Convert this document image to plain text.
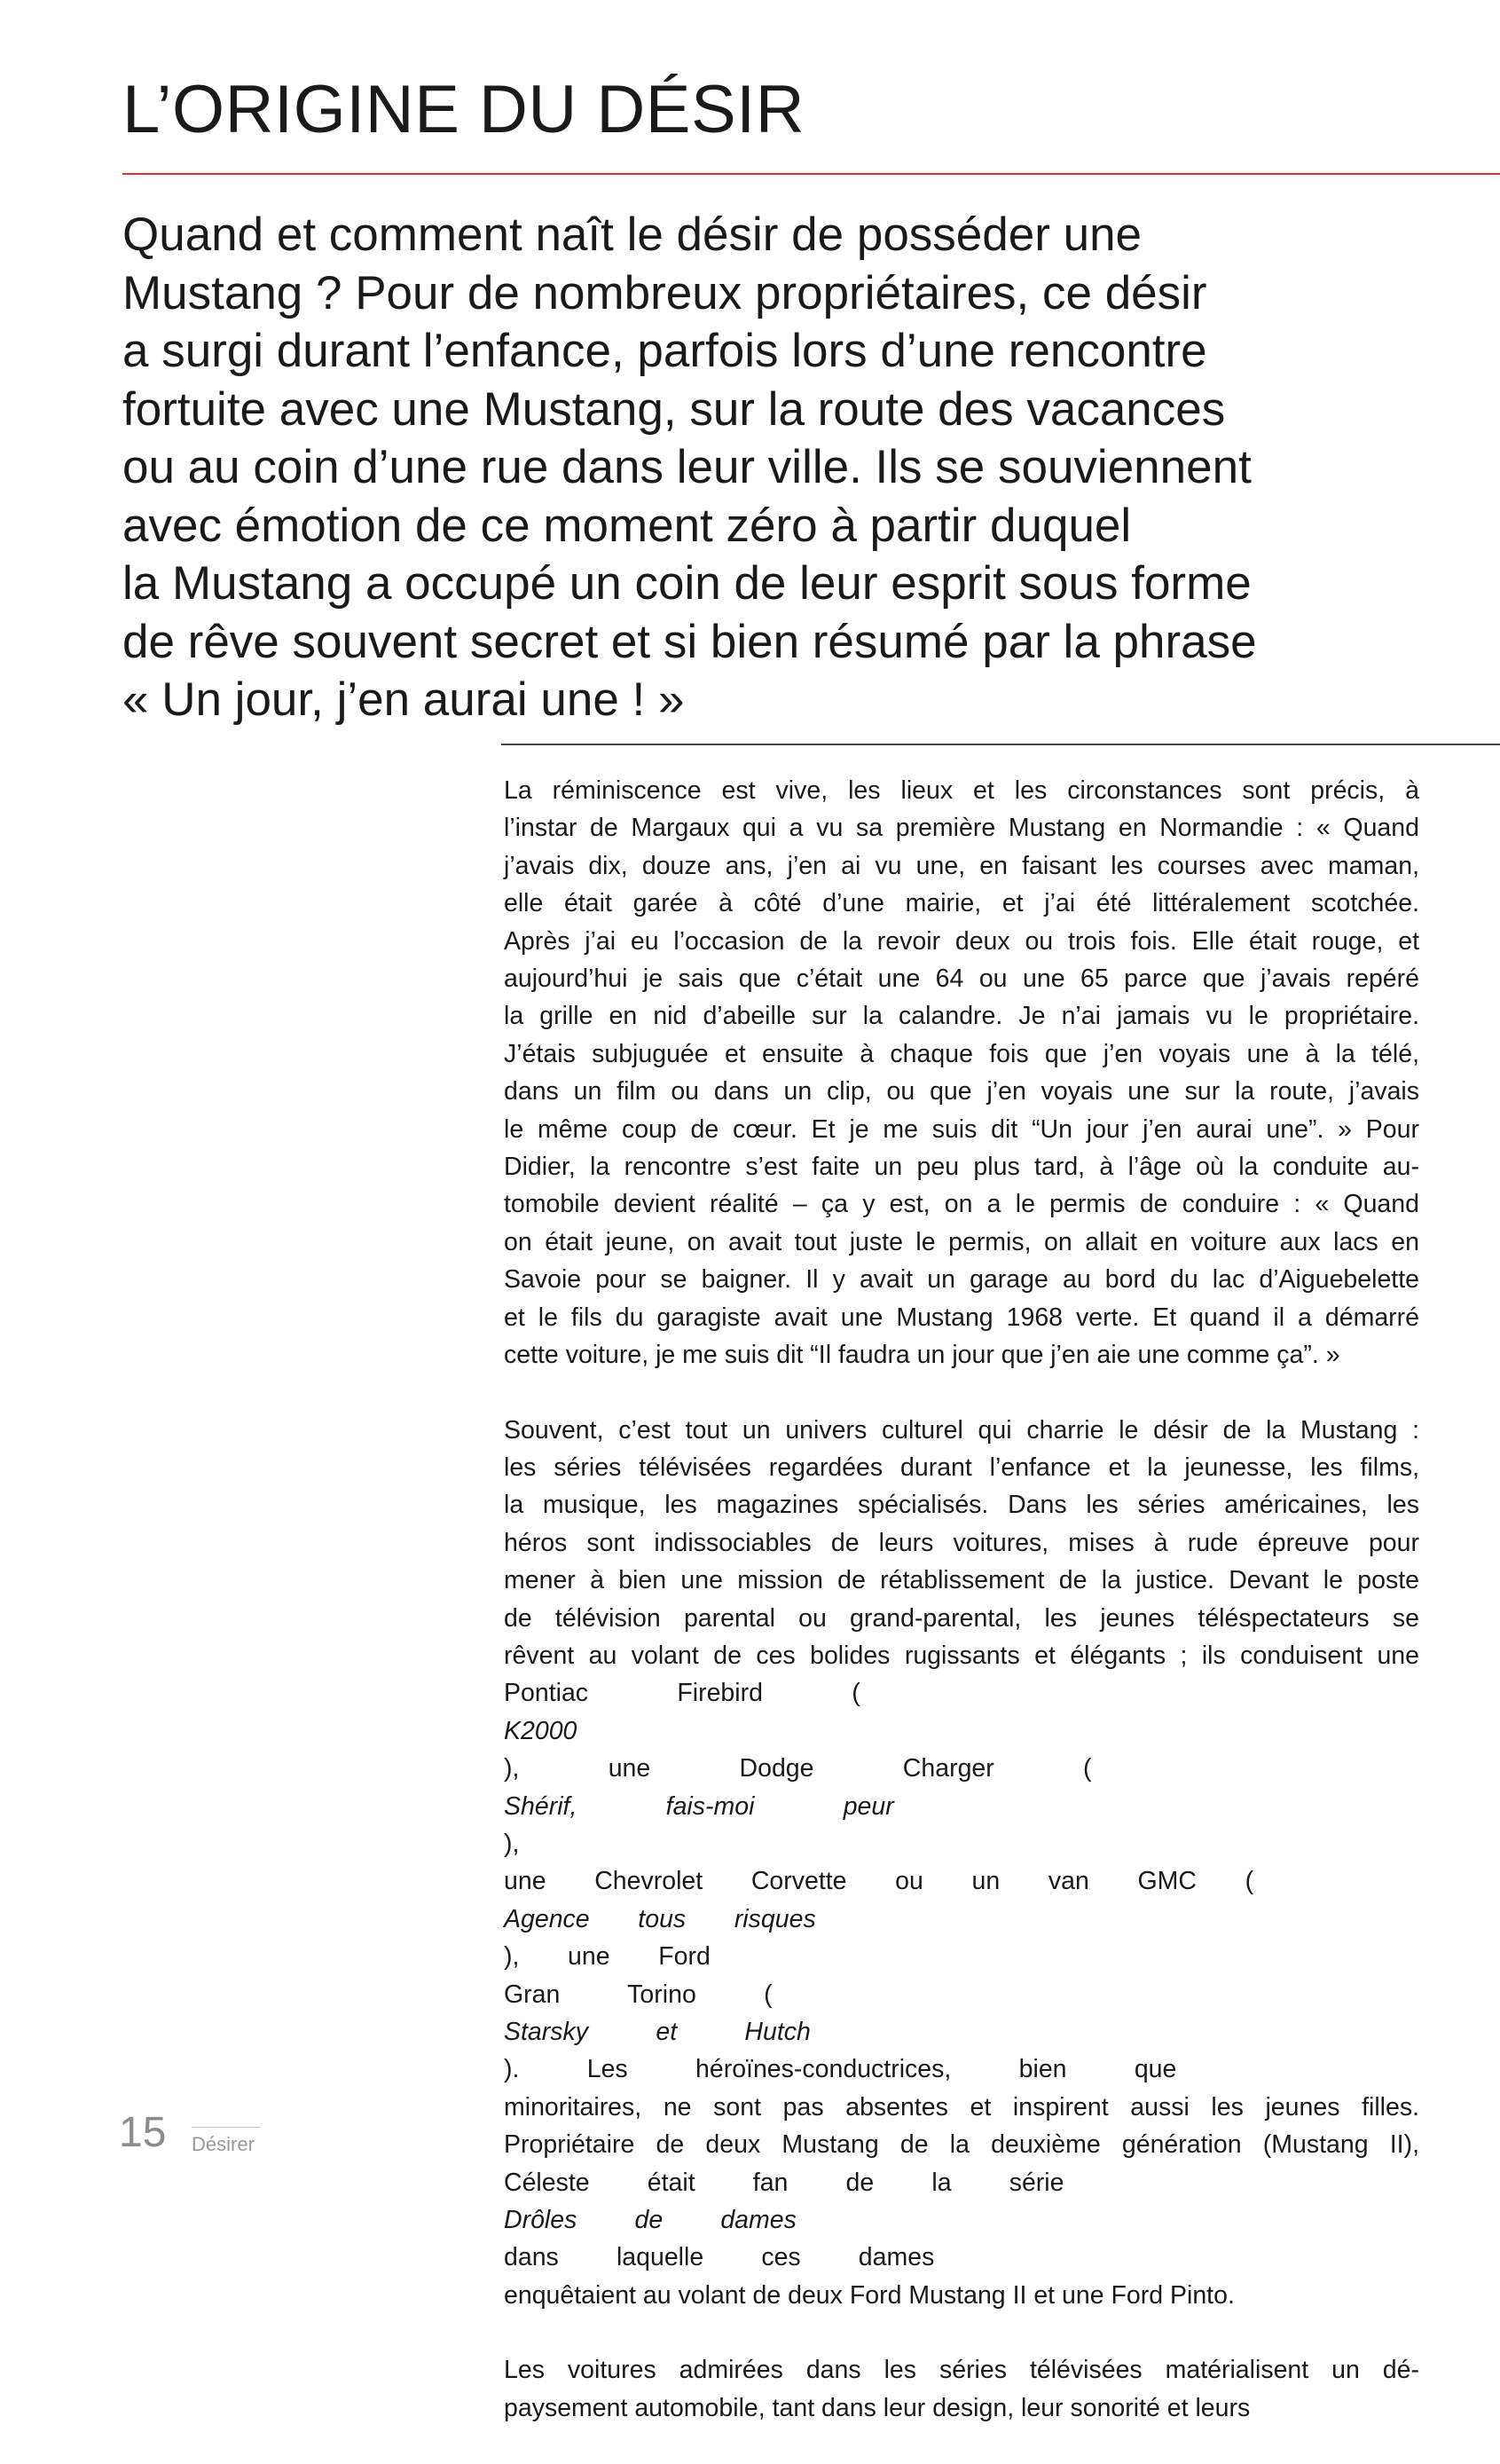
L’ORIGINE DU DÉSIR

Quand et comment naît le désir de posséder une
Mustang ? Pour de nombreux propriétaires, ce désir
a surgi durant l’enfance, parfois lors d’une rencontre
fortuite avec une Mustang, sur la route des vacances
ou au coin d’une rue dans leur ville. Ils se souviennent
avec émotion de ce moment zéro à partir duquel
la Mustang a occupé un coin de leur esprit sous forme
de rêve souvent secret et si bien résumé par la phrase
« Un jour, j’en aurai une ! »

La réminiscence est vive, les lieux et les circonstances sont précis, à
l’instar de Margaux qui a vu sa première Mustang en Normandie : « Quand
j’avais dix, douze ans, j’en ai vu une, en faisant les courses avec maman,
elle était garée à côté d’une mairie, et j’ai été littéralement scotchée.
Après j’ai eu l’occasion de la revoir deux ou trois fois. Elle était rouge, et
aujourd’hui je sais que c’était une 64 ou une 65 parce que j’avais repéré
la grille en nid d’abeille sur la calandre. Je n’ai jamais vu le propriétaire.
J’étais subjuguée et ensuite à chaque fois que j’en voyais une à la télé,
dans un film ou dans un clip, ou que j’en voyais une sur la route, j’avais
le même coup de cœur. Et je me suis dit “Un jour j’en aurai une”. » Pour
Didier, la rencontre s’est faite un peu plus tard, à l’âge où la conduite au-
tomobile devient réalité – ça y est, on a le permis de conduire : « Quand
on était jeune, on avait tout juste le permis, on allait en voiture aux lacs en
Savoie pour se baigner. Il y avait un garage au bord du lac d’Aiguebelette
et le fils du garagiste avait une Mustang 1968 verte. Et quand il a démarré
cette voiture, je me suis dit “Il faudra un jour que j’en aie une comme ça”. »

Souvent, c’est tout un univers culturel qui charrie le désir de la Mustang :
les séries télévisées regardées durant l’enfance et la jeunesse, les films,
la musique, les magazines spécialisés. Dans les séries américaines, les
héros sont indissociables de leurs voitures, mises à rude épreuve pour
mener à bien une mission de rétablissement de la justice. Devant le poste
de télévision parental ou grand-parental, les jeunes téléspectateurs se
rêvent au volant de ces bolides rugissants et élégants ; ils conduisent une
Pontiac Firebird (
K2000
), une Dodge Charger (
Shérif, fais-moi peur
),
une Chevrolet Corvette ou un van GMC (
Agence tous risques
), une Ford
Gran Torino (
Starsky et Hutch
). Les héroïnes-conductrices, bien que
minoritaires, ne sont pas absentes et inspirent aussi les jeunes filles.
Propriétaire de deux Mustang de la deuxième génération (Mustang II),
Céleste était fan de la série
Drôles de dames
dans laquelle ces dames
enquêtaient au volant de deux Ford Mustang II et une Ford Pinto.

Les voitures admirées dans les séries télévisées matérialisent un dé-
paysement automobile, tant dans leur design, leur sonorité et leurs

15 Désirer
